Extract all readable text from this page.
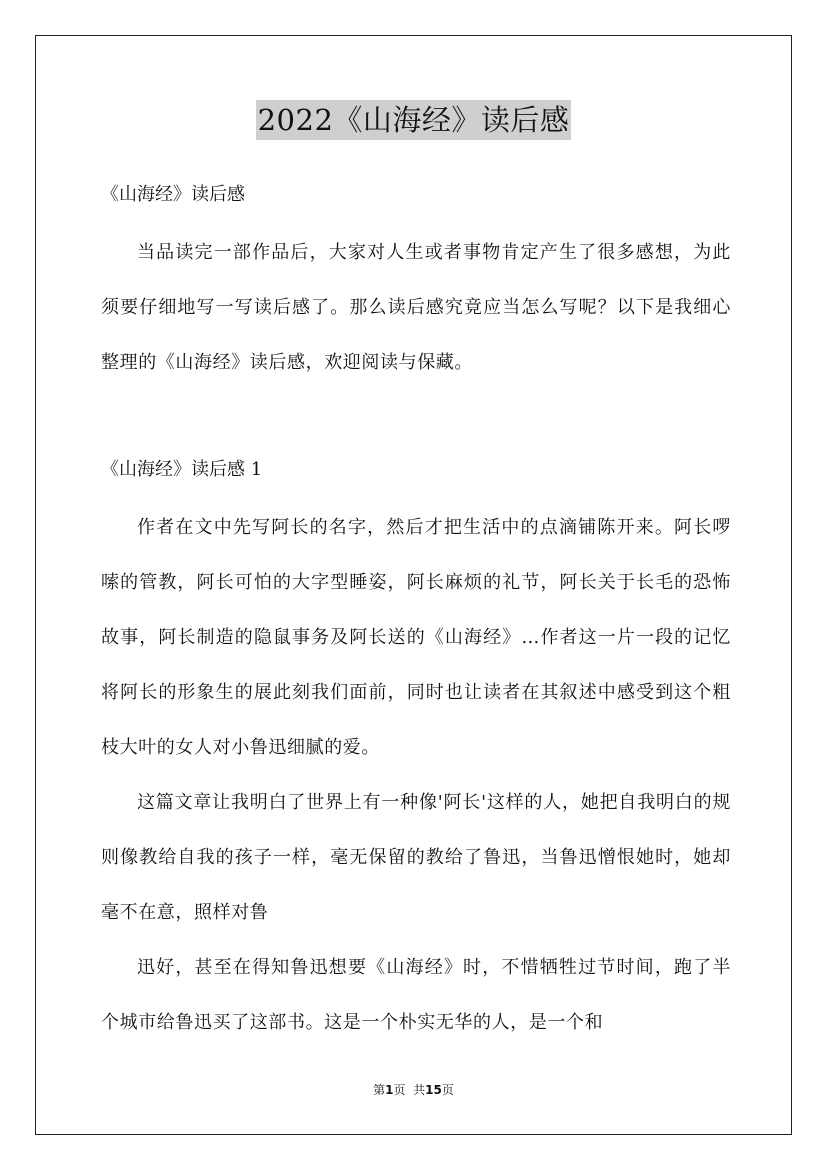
2022《山海经》读后感

《山海经》读后感

当品读完一部作品后，大家对人生或者事物肯定产生了很多感想，为此须要仔细地写一写读后感了。那么读后感究竟应当怎么写呢？以下是我细心整理的《山海经》读后感，欢迎阅读与保藏。

《山海经》读后感 1

作者在文中先写阿长的名字，然后才把生活中的点滴铺陈开来。阿长啰嗦的管教，阿长可怕的大字型睡姿，阿长麻烦的礼节，阿长关于长毛的恐怖故事，阿长制造的隐鼠事务及阿长送的《山海经》…作者这一片一段的记忆将阿长的形象生的展此刻我们面前，同时也让读者在其叙述中感受到这个粗枝大叶的女人对小鲁迅细腻的爱。

这篇文章让我明白了世界上有一种像'阿长'这样的人，她把自我明白的规则像教给自我的孩子一样，毫无保留的教给了鲁迅，当鲁迅憎恨她时，她却毫不在意，照样对鲁

迅好，甚至在得知鲁迅想要《山海经》时，不惜牺牲过节时间，跑了半个城市给鲁迅买了这部书。这是一个朴实无华的人，是一个和

第1页  共15页
